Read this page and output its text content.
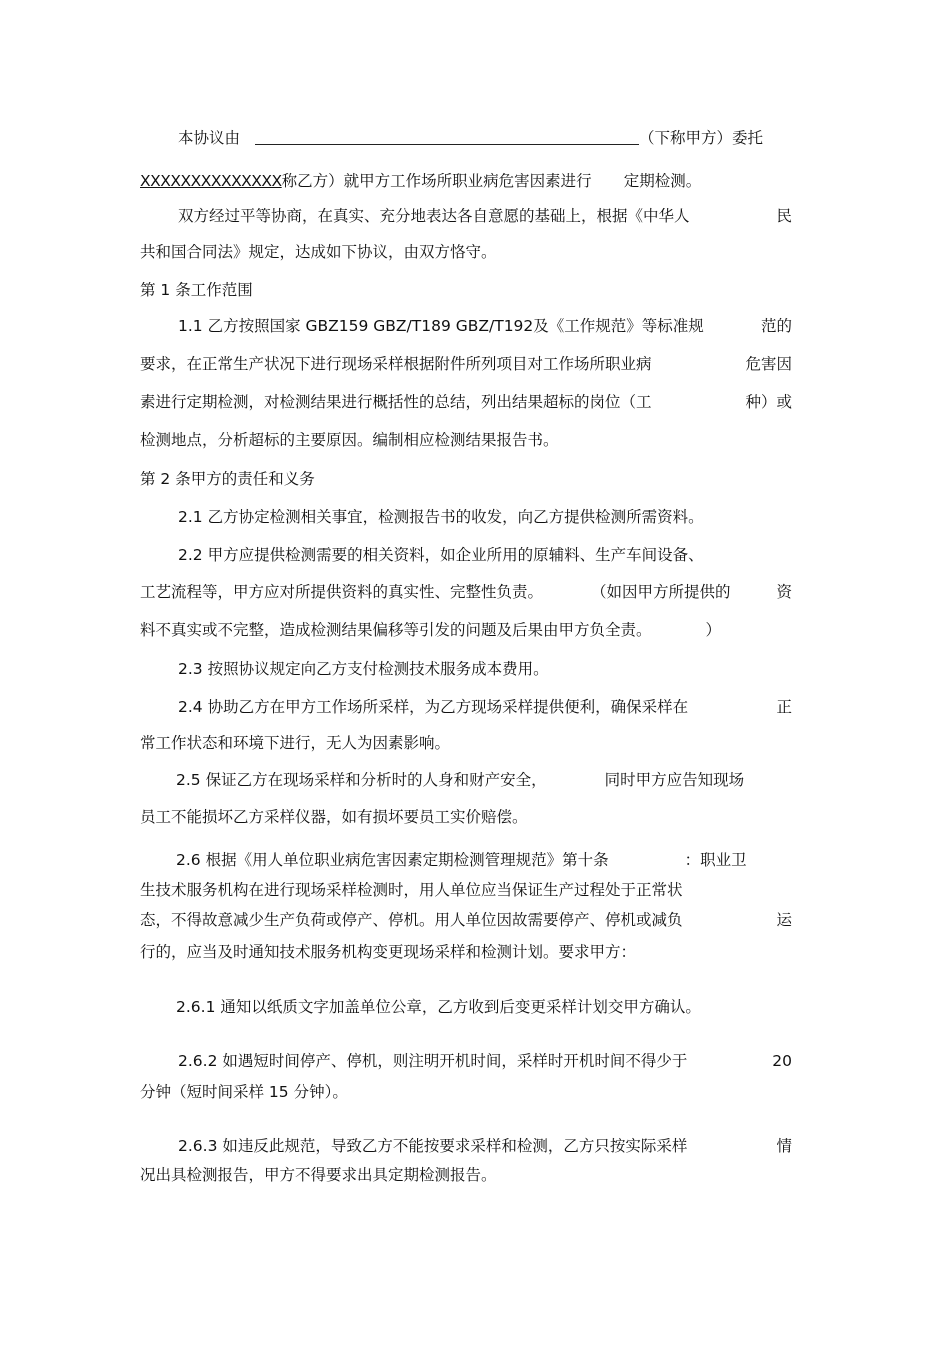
本协议由	（下称甲方）委托
XXXXXXXXXXXXXX称乙方）就甲方工作场所职业病危害因素进行 定期检测。
双方经过平等协商，在真实、充分地表达各自意愿的基础上，根据《中华人	民
共和国合同法》规定，达成如下协议，由双方恪守。
第 1 条工作范围
1.1 乙方按照国家 GBZ159 GBZ/T189 GBZ/T192及《工作规范》等标准规	范的
要求，在正常生产状况下进行现场采样根据附件所列项目对工作场所职业病	危害因
素进行定期检测，对检测结果进行概括性的总结，列出结果超标的岗位（工	种）或
检测地点，分析超标的主要原因。编制相应检测结果报告书。
第 2 条甲方的责任和义务
2.1 乙方协定检测相关事宜，检测报告书的收发，向乙方提供检测所需资料。
2.2 甲方应提供检测需要的相关资料，如企业所用的原辅料、生产车间设备、
工艺流程等，甲方应对所提供资料的真实性、完整性负责。	（如因甲方所提供的	资
料不真实或不完整，造成检测结果偏移等引发的问题及后果由甲方负全责。	）
2.3 按照协议规定向乙方支付检测技术服务成本费用。
2.4 协助乙方在甲方工作场所采样，为乙方现场采样提供便利，确保采样在	正
常工作状态和环境下进行，无人为因素影响。
2.5 保证乙方在现场采样和分析时的人身和财产安全，	同时甲方应告知现场
员工不能损坏乙方采样仪器，如有损坏要员工实价赔偿。
2.6 根据《用人单位职业病危害因素定期检测管理规范》第十条	：职业卫
生技术服务机构在进行现场采样检测时，用人单位应当保证生产过程处于正常状
态，不得故意减少生产负荷或停产、停机。用人单位因故需要停产、停机或减负	运
行的，应当及时通知技术服务机构变更现场采样和检测计划。要求甲方：
2.6.1 通知以纸质文字加盖单位公章，乙方收到后变更采样计划交甲方确认。
2.6.2 如遇短时间停产、停机，则注明开机时间，采样时开机时间不得少于	20
分钟（短时间采样 15 分钟）。
2.6.3 如违反此规范，导致乙方不能按要求采样和检测，乙方只按实际采样	情
况出具检测报告，甲方不得要求出具定期检测报告。
